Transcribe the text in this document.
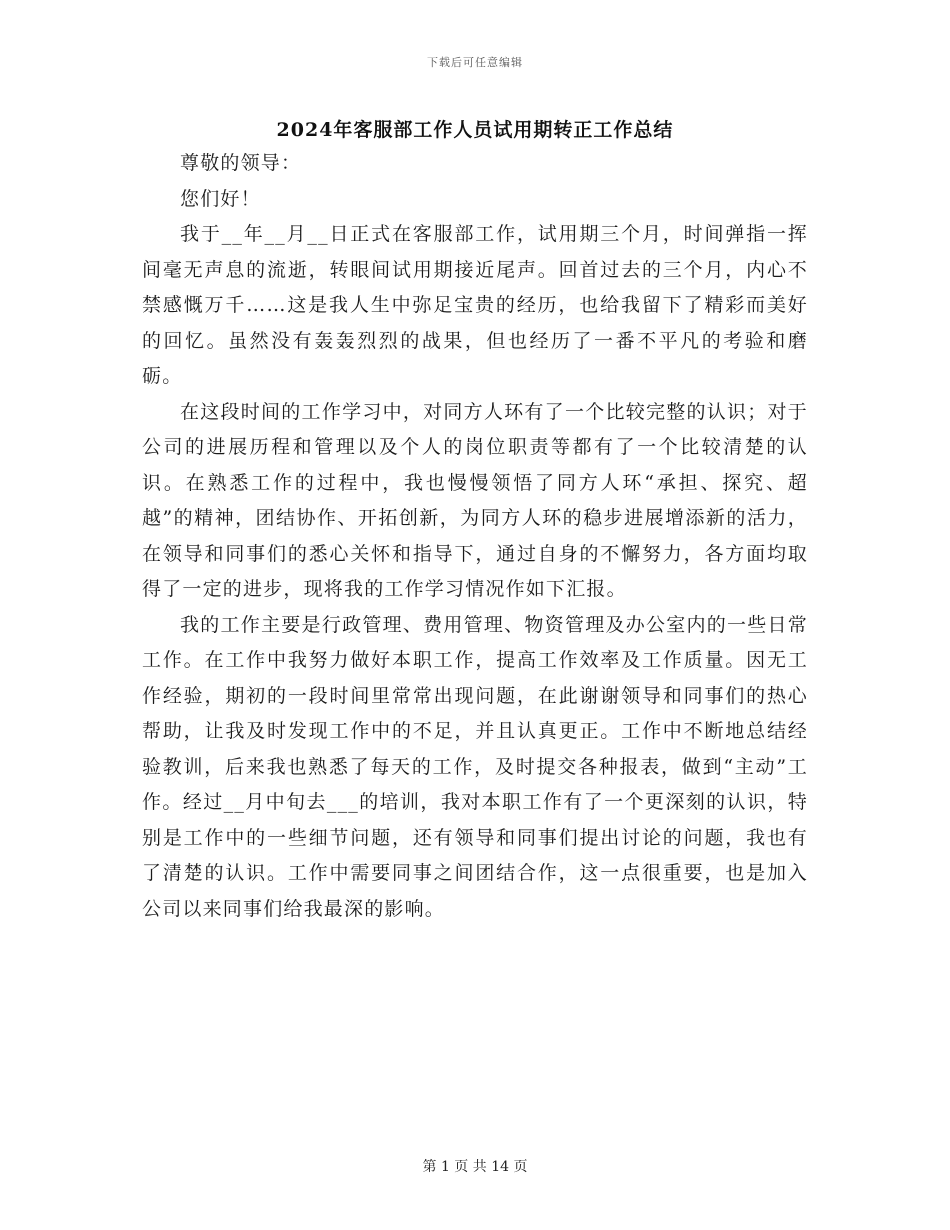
下载后可任意编辑
2024年客服部工作人员试用期转正工作总结

尊敬的领导：

您们好！

我于__年__月__日正式在客服部工作，试用期三个月，时间弹指一挥间毫无声息的流逝，转眼间试用期接近尾声。回首过去的三个月，内心不禁感慨万千……这是我人生中弥足宝贵的经历，也给我留下了精彩而美好的回忆。虽然没有轰轰烈烈的战果，但也经历了一番不平凡的考验和磨砺。

在这段时间的工作学习中，对同方人环有了一个比较完整的认识；对于公司的进展历程和管理以及个人的岗位职责等都有了一个比较清楚的认识。在熟悉工作的过程中，我也慢慢领悟了同方人环“承担、探究、超越”的精神，团结协作、开拓创新，为同方人环的稳步进展增添新的活力，在领导和同事们的悉心关怀和指导下，通过自身的不懈努力，各方面均取得了一定的进步，现将我的工作学习情况作如下汇报。

我的工作主要是行政管理、费用管理、物资管理及办公室内的一些日常工作。在工作中我努力做好本职工作，提高工作效率及工作质量。因无工作经验，期初的一段时间里常常出现问题，在此谢谢领导和同事们的热心帮助，让我及时发现工作中的不足，并且认真更正。工作中不断地总结经验教训，后来我也熟悉了每天的工作，及时提交各种报表，做到“主动”工作。经过__月中旬去___的培训，我对本职工作有了一个更深刻的认识，特别是工作中的一些细节问题，还有领导和同事们提出讨论的问题，我也有了清楚的认识。工作中需要同事之间团结合作，这一点很重要，也是加入公司以来同事们给我最深的影响。

第 1 页 共 14 页
